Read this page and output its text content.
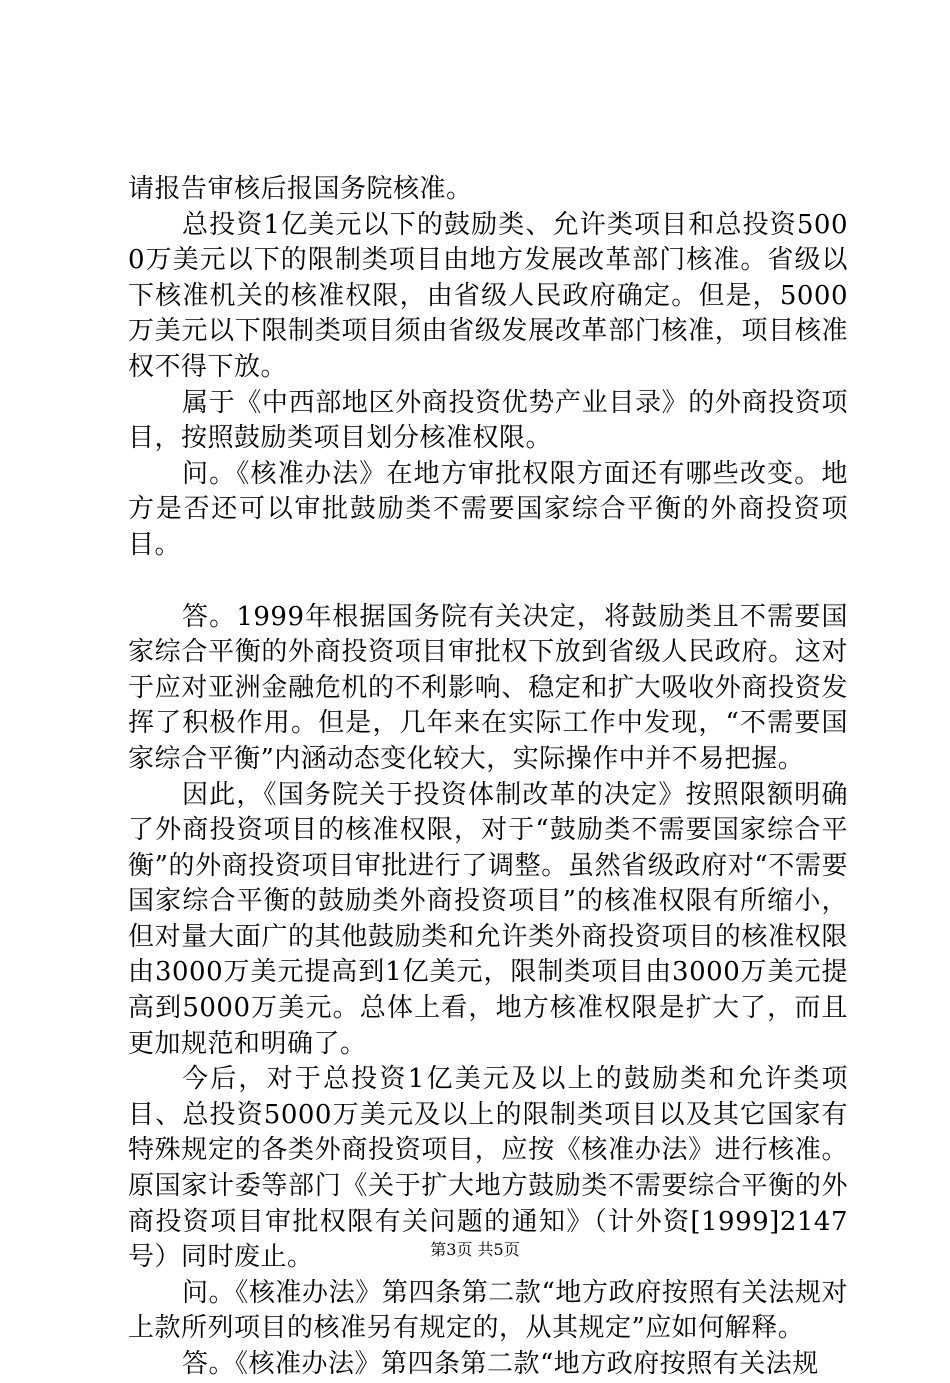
请报告审核后报国务院核准。

总投资1亿美元以下的鼓励类、允许类项目和总投资5000万美元以下的限制类项目由地方发展改革部门核准。省级以下核准机关的核准权限，由省级人民政府确定。但是，5000万美元以下限制类项目须由省级发展改革部门核准，项目核准权不得下放。

属于《中西部地区外商投资优势产业目录》的外商投资项目，按照鼓励类项目划分核准权限。

问。《核准办法》在地方审批权限方面还有哪些改变。地方是否还可以审批鼓励类不需要国家综合平衡的外商投资项目。

答。1999年根据国务院有关决定，将鼓励类且不需要国家综合平衡的外商投资项目审批权下放到省级人民政府。这对于应对亚洲金融危机的不利影响、稳定和扩大吸收外商投资发挥了积极作用。但是，几年来在实际工作中发现，“不需要国家综合平衡”内涵动态变化较大，实际操作中并不易把握。

因此，《国务院关于投资体制改革的决定》按照限额明确了外商投资项目的核准权限，对于“鼓励类不需要国家综合平衡”的外商投资项目审批进行了调整。虽然省级政府对“不需要国家综合平衡的鼓励类外商投资项目”的核准权限有所缩小，但对量大面广的其他鼓励类和允许类外商投资项目的核准权限由3000万美元提高到1亿美元，限制类项目由3000万美元提高到5000万美元。总体上看，地方核准权限是扩大了，而且更加规范和明确了。

今后，对于总投资1亿美元及以上的鼓励类和允许类项目、总投资5000万美元及以上的限制类项目以及其它国家有特殊规定的各类外商投资项目，应按《核准办法》进行核准。原国家计委等部门《关于扩大地方鼓励类不需要综合平衡的外商投资项目审批权限有关问题的通知》（计外资[1999]2147号）同时废止。

问。《核准办法》第四条第二款“地方政府按照有关法规对上款所列项目的核准另有规定的，从其规定”应如何解释。

答。《核准办法》第四条第二款“地方政府按照有关法规

第3页 共5页
